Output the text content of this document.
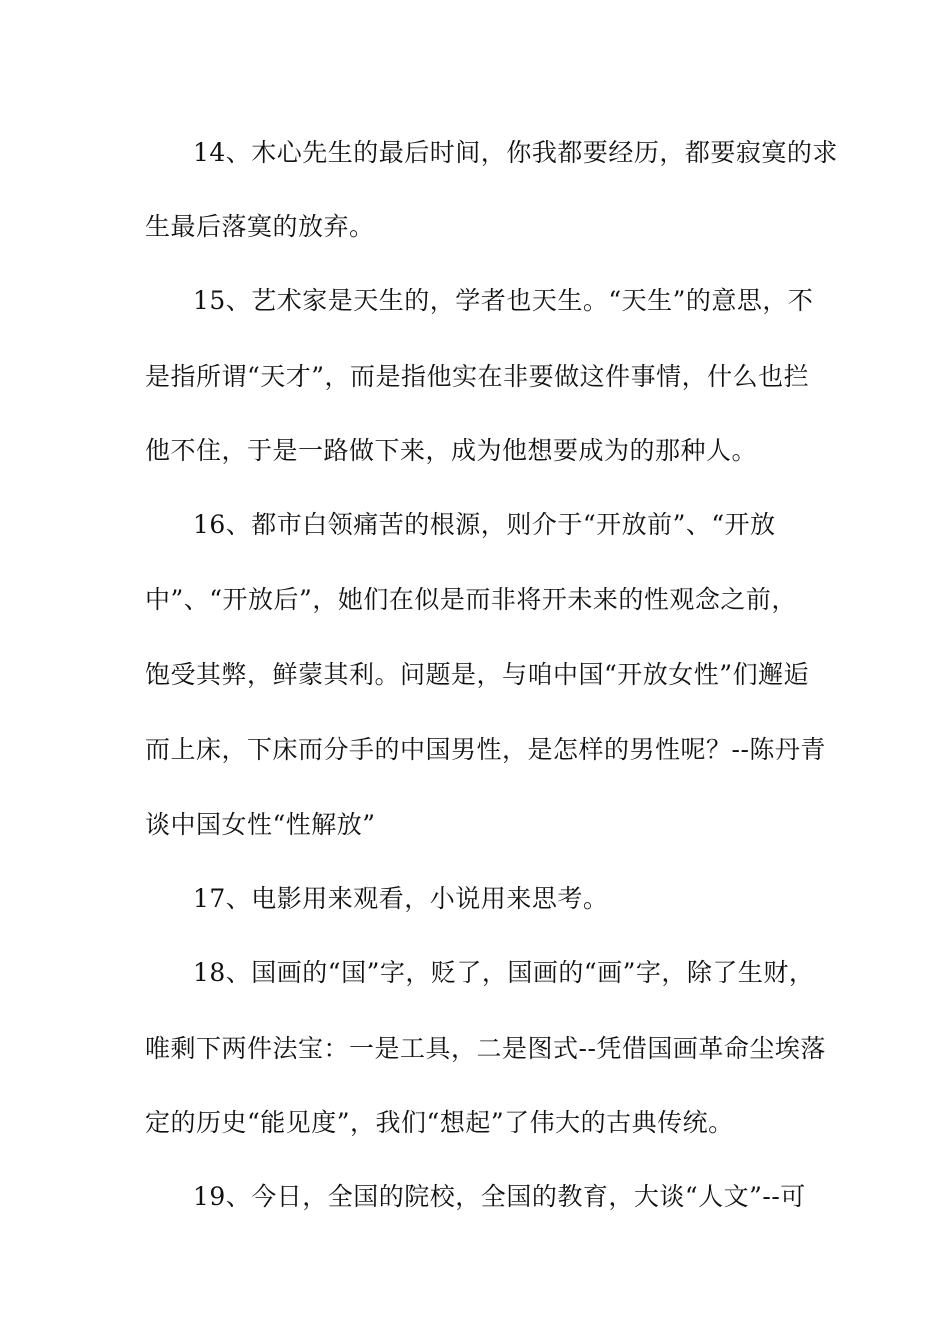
14、木心先生的最后时间，你我都要经历，都要寂寞的求
生最后落寞的放弃。
15、艺术家是天生的，学者也天生。“天生”的意思，不
是指所谓“天才”，而是指他实在非要做这件事情，什么也拦
他不住，于是一路做下来，成为他想要成为的那种人。
16、都市白领痛苦的根源，则介于“开放前”、“开放
中”、“开放后”，她们在似是而非将开未来的性观念之前，
饱受其弊，鲜蒙其利。问题是，与咱中国“开放女性”们邂逅
而上床，下床而分手的中国男性，是怎样的男性呢？--陈丹青
谈中国女性“性解放”
17、电影用来观看，小说用来思考。
18、国画的“国”字，贬了，国画的“画”字，除了生财，
唯剩下两件法宝：一是工具，二是图式--凭借国画革命尘埃落
定的历史“能见度”，我们“想起”了伟大的古典传统。
19、今日，全国的院校，全国的教育，大谈“人文”--可
